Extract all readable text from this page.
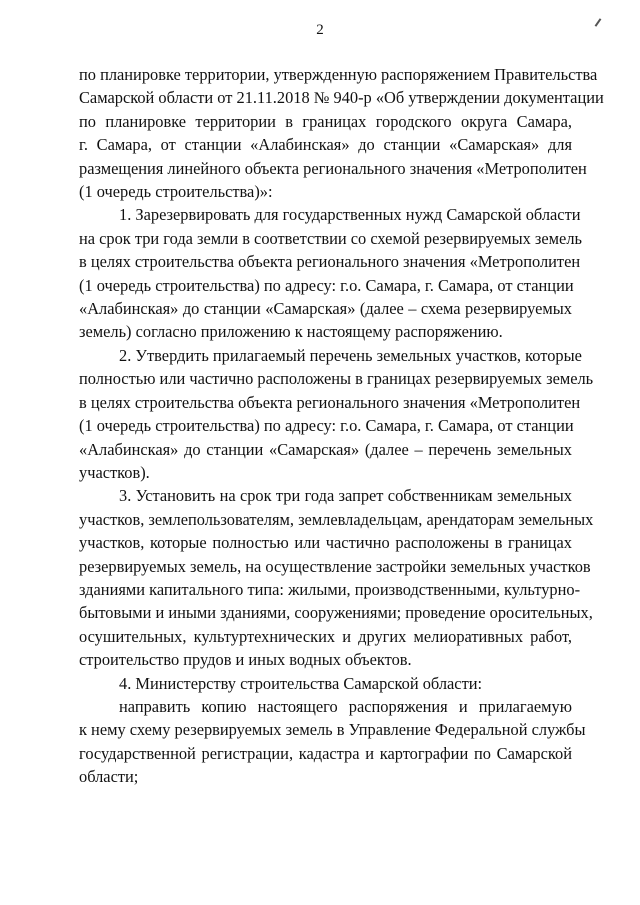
2

по планировке территории, утвержденную распоряжением Правительства
Самарской области от 21.11.2018 № 940-р «Об утверждении документации
по планировке территории в границах городского округа Самара,
г. Самара, от станции «Алабинская» до станции «Самарская» для
размещения линейного объекта регионального значения «Метрополитен
(1 очередь строительства)»:

1. Зарезервировать для государственных нужд Самарской области
на срок три года земли в соответствии со схемой резервируемых земель
в целях строительства объекта регионального значения «Метрополитен
(1 очередь строительства) по адресу: г.о. Самара, г. Самара, от станции
«Алабинская» до станции «Самарская» (далее – схема резервируемых
земель) согласно приложению к настоящему распоряжению.

2. Утвердить прилагаемый перечень земельных участков, которые
полностью или частично расположены в границах резервируемых земель
в целях строительства объекта регионального значения «Метрополитен
(1 очередь строительства) по адресу: г.о. Самара, г. Самара, от станции
«Алабинская» до станции «Самарская» (далее – перечень земельных
участков).

3. Установить на срок три года запрет собственникам земельных
участков, землепользователям, землевладельцам, арендаторам земельных
участков, которые полностью или частично расположены в границах
резервируемых земель, на осуществление застройки земельных участков
зданиями капитального типа: жилыми, производственными, культурно-
бытовыми и иными зданиями, сооружениями; проведение оросительных,
осушительных, культуртехнических и других мелиоративных работ,
строительство прудов и иных водных объектов.

4. Министерству строительства Самарской области:

направить копию настоящего распоряжения и прилагаемую
к нему схему резервируемых земель в Управление Федеральной службы
государственной регистрации, кадастра и картографии по Самарской
области;
